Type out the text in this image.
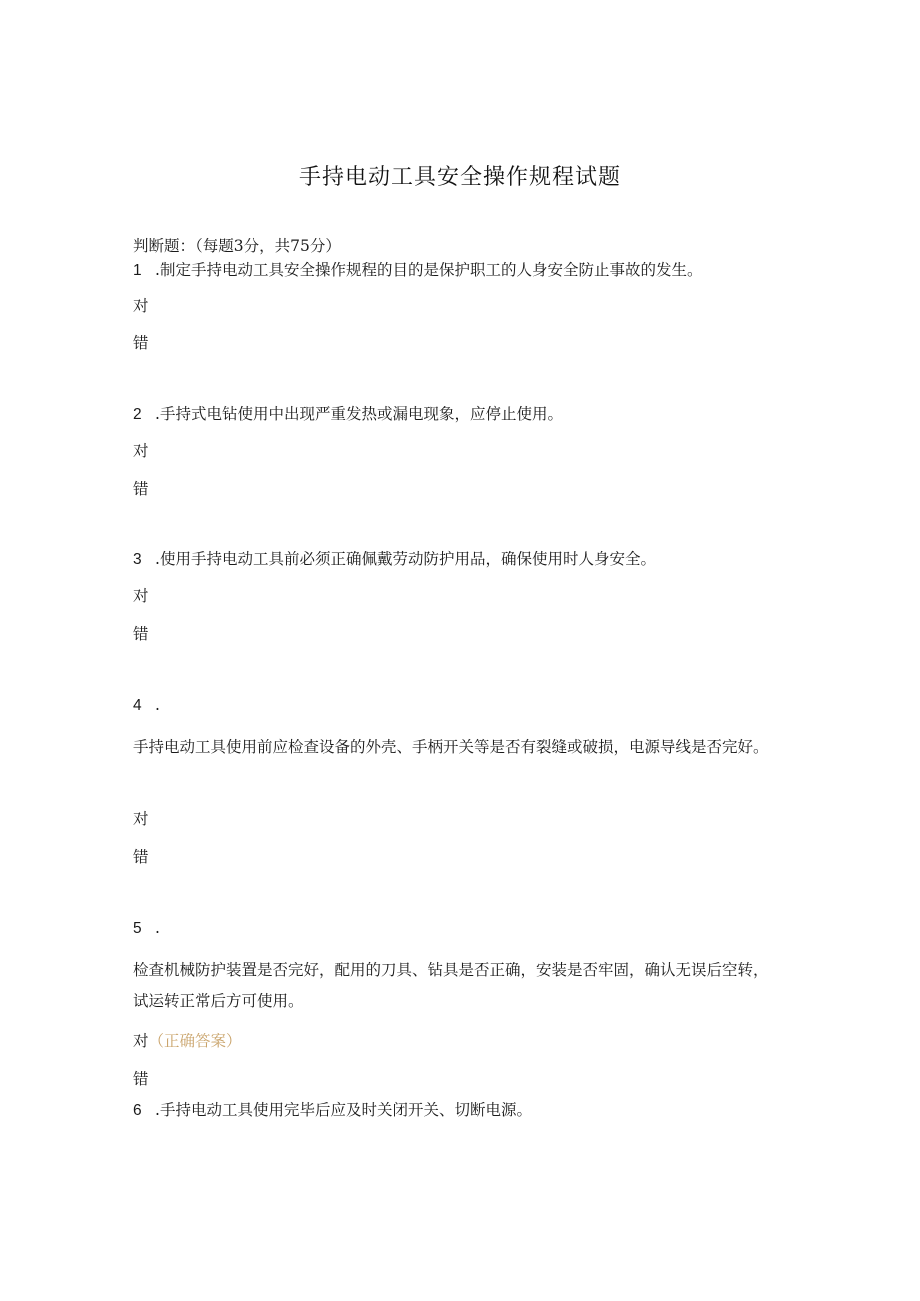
手持电动工具安全操作规程试题
判断题：（每题3分，共75分）
1 .制定手持电动工具安全操作规程的目的是保护职工的人身安全防止事故的发生。
对
错
2 .手持式电钻使用中出现严重发热或漏电现象，应停止使用。
对
错
3 .使用手持电动工具前必须正确佩戴劳动防护用品，确保使用时人身安全。
对
错
4 .
手持电动工具使用前应检查设备的外壳、手柄开关等是否有裂缝或破损，电源导线是否完好。
对
错
5 .
检查机械防护装置是否完好，配用的刀具、钻具是否正确，安装是否牢固，确认无误后空转，试运转正常后方可使用。
对（正确答案）
错
6 .手持电动工具使用完毕后应及时关闭开关、切断电源。
